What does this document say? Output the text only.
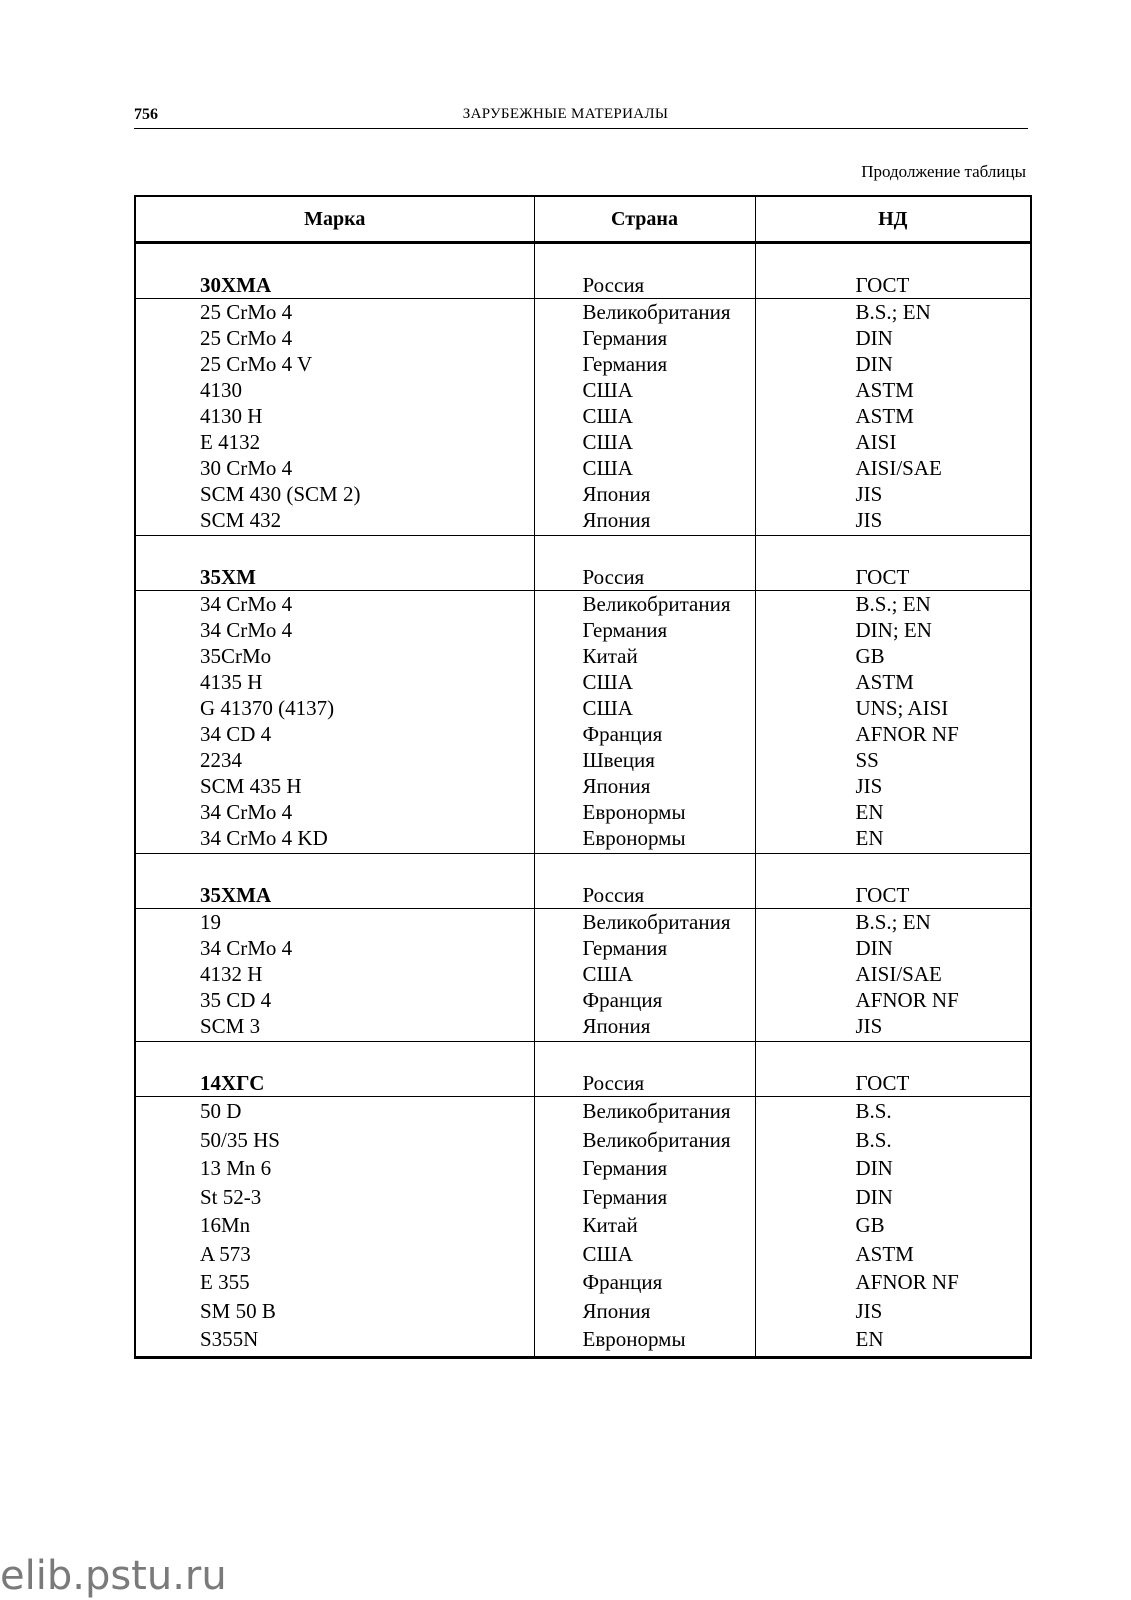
756	ЗАРУБЕЖНЫЕ МАТЕРИАЛЫ
Продолжение таблицы
Марка	Страна	НД
30ХМА	Россия	ГОСТ
25 CrMo 4	Великобритания	B.S.; EN
25 CrMo 4	Германия	DIN
25 CrMo 4 V	Германия	DIN
4130	США	ASTM
4130 H	США	ASTM
E 4132	США	AISI
30 CrMo 4	США	AISI/SAE
SCM 430 (SCM 2)	Япония	JIS
SCM 432	Япония	JIS
35ХМ	Россия	ГОСТ
34 CrMo 4	Великобритания	B.S.; EN
34 CrMo 4	Германия	DIN; EN
35CrMo	Китай	GB
4135 H	США	ASTM
G 41370 (4137)	США	UNS; AISI
34 CD 4	Франция	AFNOR NF
2234	Швеция	SS
SCM 435 H	Япония	JIS
34 CrMo 4	Евронормы	EN
34 CrMo 4 KD	Евронормы	EN
35ХМА	Россия	ГОСТ
19	Великобритания	B.S.; EN
34 CrMo 4	Германия	DIN
4132 H	США	AISI/SAE
35 CD 4	Франция	AFNOR NF
SCM 3	Япония	JIS
14ХГС	Россия	ГОСТ
50 D	Великобритания	B.S.
50/35 HS	Великобритания	B.S.
13 Mn 6	Германия	DIN
St 52-3	Германия	DIN
16Mn	Китай	GB
A 573	США	ASTM
E 355	Франция	AFNOR NF
SM 50 B	Япония	JIS
S355N	Евронормы	EN
elib.pstu.ru
